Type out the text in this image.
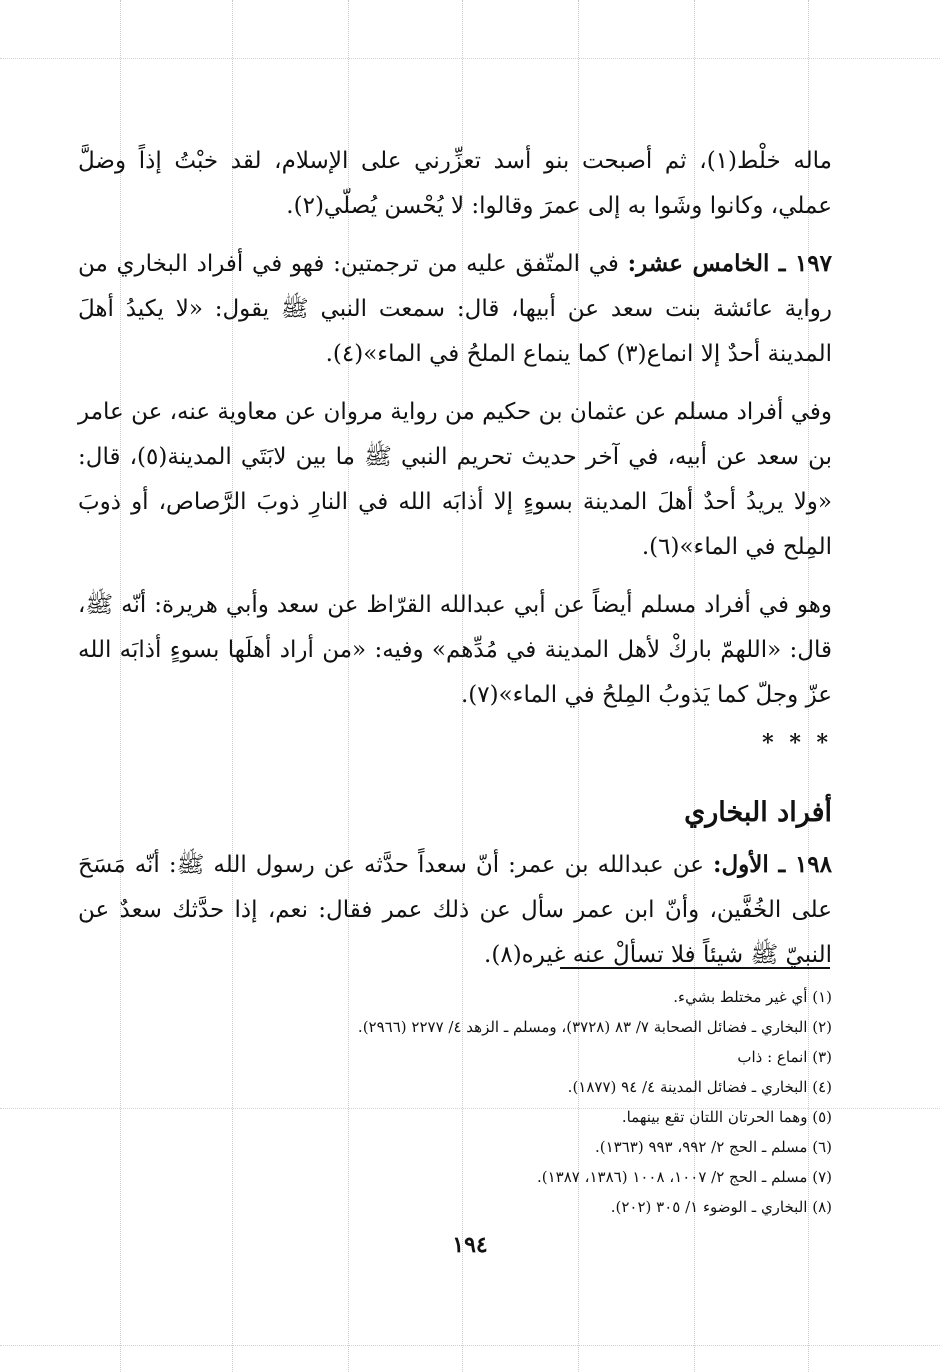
ماله خلْط(١)، ثم أصبحت بنو أسد تعزِّرني على الإسلام، لقد خبْتُ إذاً وضلَّ عملي، وكانوا وشَوا به إلى عمرَ وقالوا: لا يُحْسن يُصلّي(٢).

١٩٧ ـ الخامس عشر: في المتّفق عليه من ترجمتين: فهو في أفراد البخاري من رواية عائشة بنت سعد عن أبيها، قال: سمعت النبي ﷺ يقول: «لا يكيدُ أهلَ المدينة أحدٌ إلا انماع(٣) كما ينماع الملحُ في الماء»(٤).

وفي أفراد مسلم عن عثمان بن حكيم من رواية مروان عن معاوية عنه، عن عامر بن سعد عن أبيه، في آخر حديث تحريم النبي ﷺ ما بين لابَتَي المدينة(٥)، قال: «ولا يريدُ أحدٌ أهلَ المدينة بسوءٍ إلا أذابَه الله في النارِ ذوبَ الرَّصاص، أو ذوبَ المِلح في الماء»(٦).

وهو في أفراد مسلم أيضاً عن أبي عبدالله القرّاظ عن سعد وأبي هريرة: أنّه ﷺ، قال: «اللهمّ باركْ لأهل المدينة في مُدِّهم» وفيه: «من أراد أهلَها بسوءٍ أذابَه الله عزّ وجلّ كما يَذوبُ المِلحُ في الماء»(٧).

* * *
أفراد البخاري

١٩٨ ـ الأول: عن عبدالله بن عمر: أنّ سعداً حدَّثه عن رسول الله ﷺ: أنّه مَسَحَ على الخُفَّين، وأنّ ابن عمر سأل عن ذلك عمر فقال: نعم، إذا حدَّثك سعدٌ عن النبيّ ﷺ شيئاً فلا تسألْ عنه غيره(٨).

(١) أي غير مختلط بشيء.

(٢) البخاري ـ فضائل الصحابة ٧/ ٨٣ (٣٧٢٨)، ومسلم ـ الزهد ٤/ ٢٢٧٧ (٢٩٦٦).

(٣) انماع : ذاب

(٤) البخاري ـ فضائل المدينة ٤/ ٩٤ (١٨٧٧).

(٥) وهما الحرتان اللتان تقع بينهما.

(٦) مسلم ـ الحج ٢/ ٩٩٢، ٩٩٣ (١٣٦٣).

(٧) مسلم ـ الحج ٢/ ١٠٠٧، ١٠٠٨ (١٣٨٦، ١٣٨٧).

(٨) البخاري ـ الوضوء ١/ ٣٠٥ (٢٠٢).

١٩٤
